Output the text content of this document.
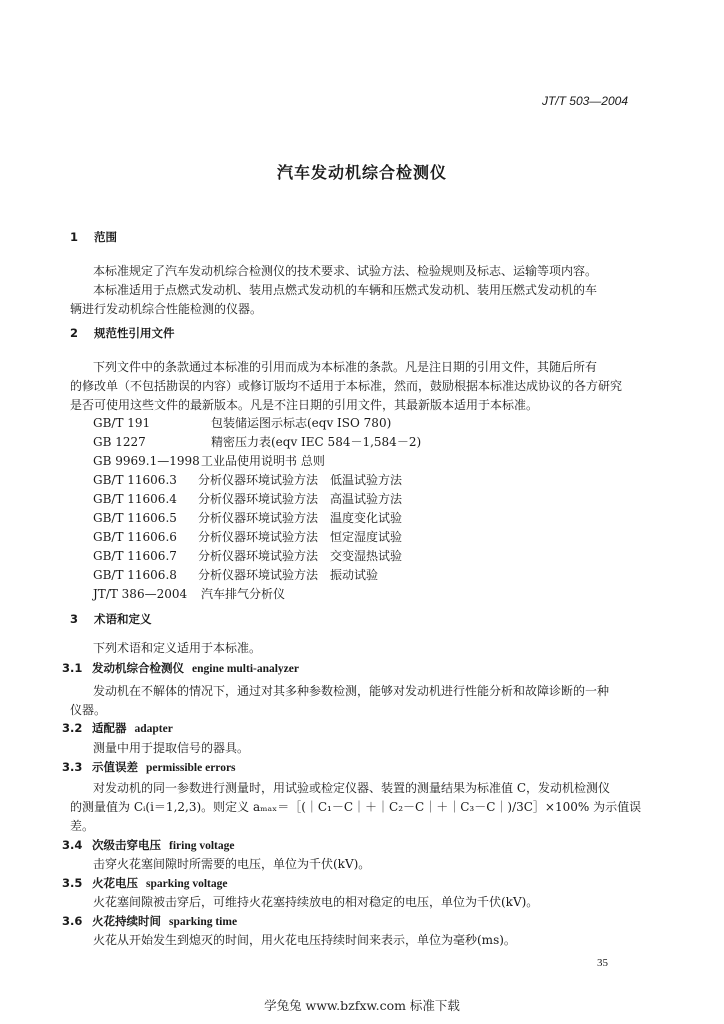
JT/T 503—2004
汽车发动机综合检测仪
1 范围
本标准规定了汽车发动机综合检测仪的技术要求、试验方法、检验规则及标志、运输等项内容。
本标准适用于点燃式发动机、装用点燃式发动机的车辆和压燃式发动机、装用压燃式发动机的车
辆进行发动机综合性能检测的仪器。
2 规范性引用文件
下列文件中的条款通过本标准的引用而成为本标准的条款。凡是注日期的引用文件，其随后所有
的修改单（不包括勘误的内容）或修订版均不适用于本标准，然而，鼓励根据本标准达成协议的各方研究
是否可使用这些文件的最新版本。凡是不注日期的引用文件，其最新版本适用于本标准。
GB/T 191	包装储运图示标志(eqv ISO 780)
GB 1227	精密压力表(eqv IEC 584－1,584－2)
GB 9969.1—1998工业品使用说明书 总则
GB/T 11606.3 分析仪器环境试验方法　低温试验方法
GB/T 11606.4 分析仪器环境试验方法　高温试验方法
GB/T 11606.5 分析仪器环境试验方法　温度变化试验
GB/T 11606.6 分析仪器环境试验方法　恒定湿度试验
GB/T 11606.7 分析仪器环境试验方法　交变湿热试验
GB/T 11606.8 分析仪器环境试验方法　振动试验
JT/T 386—2004 汽车排气分析仪
3 术语和定义
下列术语和定义适用于本标准。
3.1 发动机综合检测仪 engine multi-analyzer
发动机在不解体的情况下，通过对其多种参数检测，能够对发动机进行性能分析和故障诊断的一种
仪器。
3.2 适配器 adapter
测量中用于提取信号的器具。
3.3 示值误差 permissible errors
对发动机的同一参数进行测量时，用试验或检定仪器、装置的测量结果为标准值 C，发动机检测仪
的测量值为 Cᵢ(i＝1,2,3)。则定义 aₘₐₓ＝［(｜C₁－C｜＋｜C₂－C｜＋｜C₃－C｜)/3C］×100% 为示值误
差。
3.4 次级击穿电压 firing voltage
击穿火花塞间隙时所需要的电压，单位为千伏(kV)。
3.5 火花电压 sparking voltage
火花塞间隙被击穿后，可维持火花塞持续放电的相对稳定的电压，单位为千伏(kV)。
3.6 火花持续时间 sparking time
火花从开始发生到熄灭的时间，用火花电压持续时间来表示，单位为毫秒(ms)。
35
学兔兔 www.bzfxw.com 标准下载
